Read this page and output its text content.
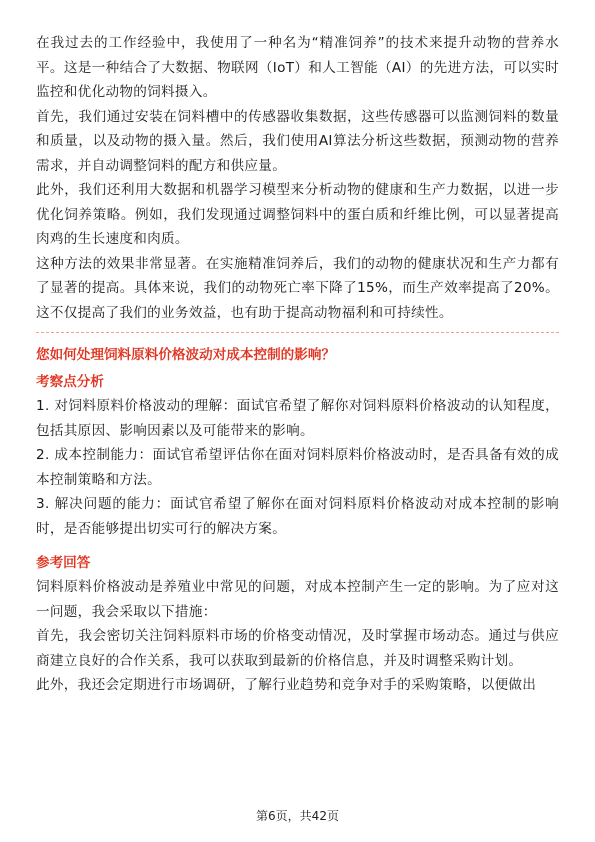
在我过去的工作经验中，我使用了一种名为“精准饲养”的技术来提升动物的营养水平。这是一种结合了大数据、物联网（IoT）和人工智能（AI）的先进方法，可以实时监控和优化动物的饲料摄入。

首先，我们通过安装在饲料槽中的传感器收集数据，这些传感器可以监测饲料的数量和质量，以及动物的摄入量。然后，我们使用AI算法分析这些数据，预测动物的营养需求，并自动调整饲料的配方和供应量。

此外，我们还利用大数据和机器学习模型来分析动物的健康和生产力数据，以进一步优化饲养策略。例如，我们发现通过调整饲料中的蛋白质和纤维比例，可以显著提高肉鸡的生长速度和肉质。

这种方法的效果非常显著。在实施精准饲养后，我们的动物的健康状况和生产力都有了显著的提高。具体来说，我们的动物死亡率下降了15%，而生产效率提高了20%。这不仅提高了我们的业务效益，也有助于提高动物福利和可持续性。

您如何处理饲料原料价格波动对成本控制的影响？
考察点分析

1. 对饲料原料价格波动的理解：面试官希望了解你对饲料原料价格波动的认知程度，包括其原因、影响因素以及可能带来的影响。

2. 成本控制能力：面试官希望评估你在面对饲料原料价格波动时，是否具备有效的成本控制策略和方法。

3. 解决问题的能力：面试官希望了解你在面对饲料原料价格波动对成本控制的影响时，是否能够提出切实可行的解决方案。

参考回答

饲料原料价格波动是养殖业中常见的问题，对成本控制产生一定的影响。为了应对这一问题，我会采取以下措施：

首先，我会密切关注饲料原料市场的价格变动情况，及时掌握市场动态。通过与供应商建立良好的合作关系，我可以获取到最新的价格信息，并及时调整采购计划。

此外，我还会定期进行市场调研，了解行业趋势和竞争对手的采购策略，以便做出

第6页，共42页
